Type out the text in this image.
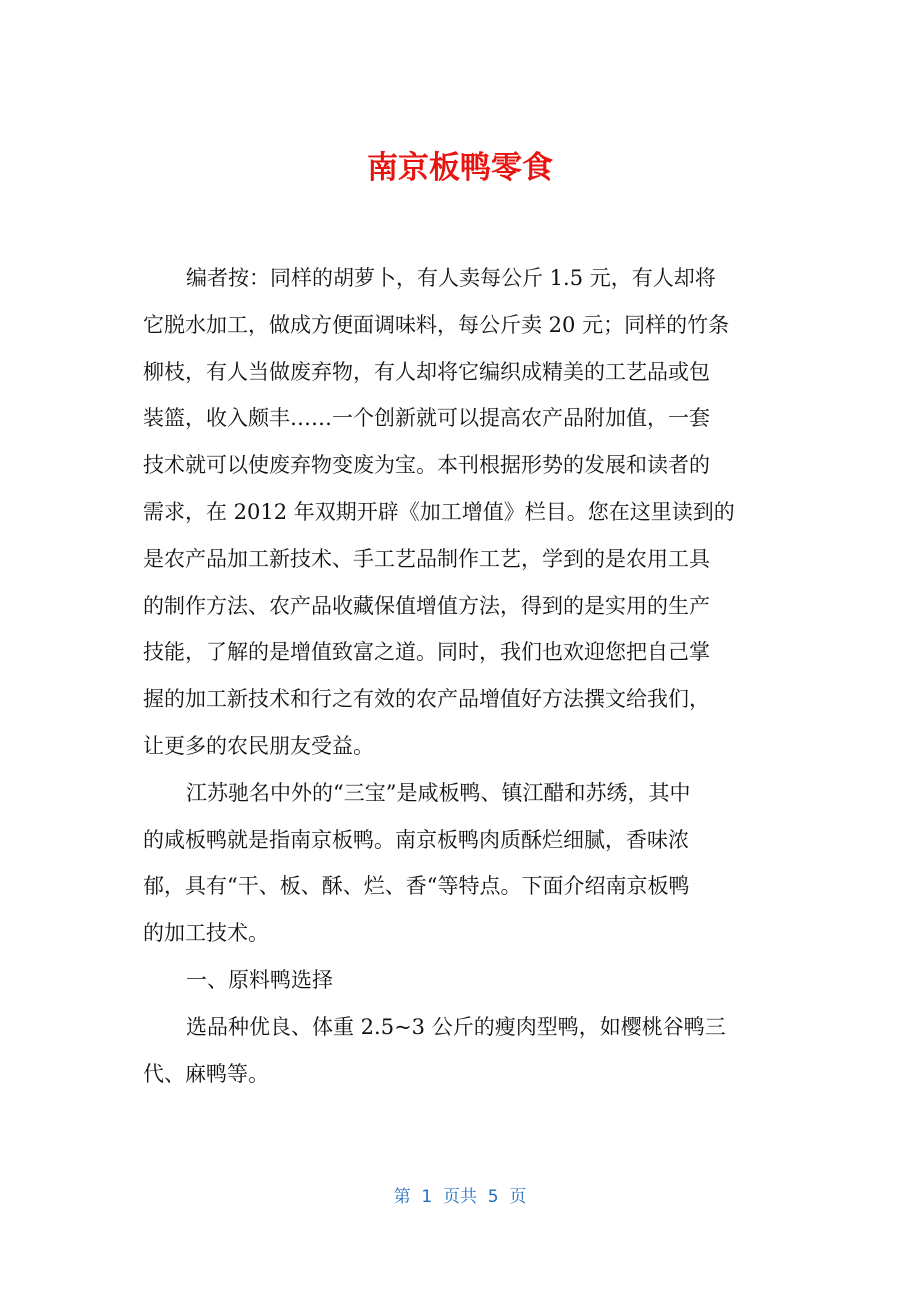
南京板鸭零食
编者按：同样的胡萝卜，有人卖每公斤 1.5 元，有人却将
它脱水加工，做成方便面调味料，每公斤卖 20 元；同样的竹条
柳枝，有人当做废弃物，有人却将它编织成精美的工艺品或包
装篮，收入颇丰……一个创新就可以提高农产品附加值，一套
技术就可以使废弃物变废为宝。本刊根据形势的发展和读者的
需求，在 2012 年双期开辟《加工增值》栏目。您在这里读到的
是农产品加工新技术、手工艺品制作工艺，学到的是农用工具
的制作方法、农产品收藏保值增值方法，得到的是实用的生产
技能，了解的是增值致富之道。同时，我们也欢迎您把自己掌
握的加工新技术和行之有效的农产品增值好方法撰文给我们，
让更多的农民朋友受益。
江苏驰名中外的“三宝”是咸板鸭、镇江醋和苏绣，其中
的咸板鸭就是指南京板鸭。南京板鸭肉质酥烂细腻，香味浓
郁，具有“干、板、酥、烂、香“等特点。下面介绍南京板鸭
的加工技术。
一、原料鸭选择
选品种优良、体重 2.5~3 公斤的瘦肉型鸭，如樱桃谷鸭三
代、麻鸭等。
第  1  页共  5  页
